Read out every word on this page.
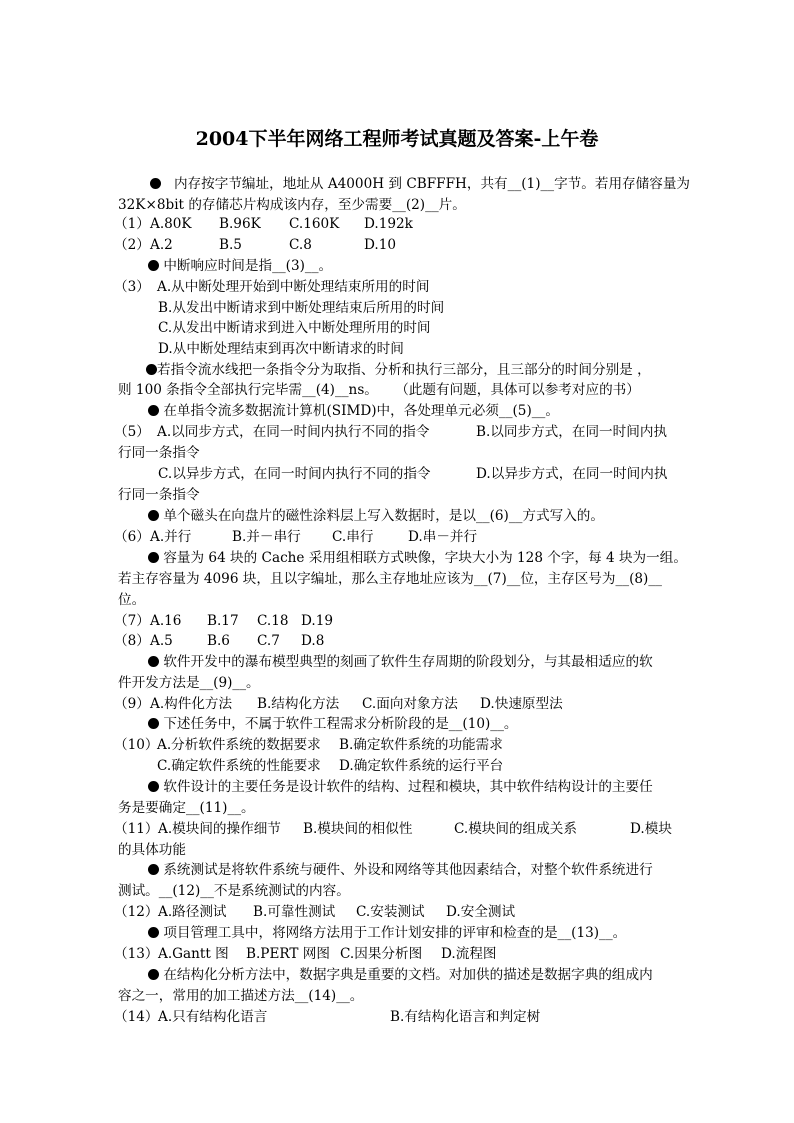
2004下半年网络工程师考试真题及答案-上午卷
内存按字节编址，地址从 A4000H 到 CBFFFH，共有__(1)__字节。若用存储容量为
32K×8bit 的存储芯片构成该内存，至少需要__(2)__片。
（1） A.80K B.96K C.160K D.192k
（2） A.2	B.5	C.8	D.10
中断响应时间是指__(3)__。
（3） A.从中断处理开始到中断处理结束所用的时间
B.从发出中断请求到中断处理结束后所用的时间
C.从发出中断请求到进入中断处理所用的时间
D.从中断处理结束到再次中断请求的时间
若指令流水线把一条指令分为取指、分析和执行三部分，且三部分的时间分别是 ，
则 100 条指令全部执行完毕需__(4)__ns。 （此题有问题，具体可以参考对应的书）
在单指令流多数据流计算机(SIMD)中，各处理单元必须__(5)__。
（5） A.以同步方式，在同一时间内执行不同的指令	B.以同步方式，在同一时间内执
行同一条指令
C.以异步方式，在同一时间内执行不同的指令	D.以异步方式，在同一时间内执
行同一条指令
单个磁头在向盘片的磁性涂料层上写入数据时，是以__(6)__方式写入的。
（6） A.并行	B.并－串行 C.串行	D.串－并行
容量为 64 块的 Cache 采用组相联方式映像，字块大小为 128 个字，每 4 块为一组。
若主存容量为 4096 块，且以字编址，那么主存地址应该为__(7)__位，主存区号为__(8)__
位。
（7） A.16 B.17 C.18 D.19
（8） A.5	B.6 C.7 D.8
软件开发中的瀑布模型典型的刻画了软件生存周期的阶段划分，与其最相适应的软
件开发方法是__(9)__。
（9） A.构件化方法 B.结构化方法 C.面向对象方法 D.快速原型法
下述任务中，不属于软件工程需求分析阶段的是__(10)__。
（10）
A.分析软件系统的数据要求 B.确定软件系统的功能需求
C.确定软件系统的性能要求 D.确定软件系统的运行平台
软件设计的主要任务是设计软件的结构、过程和模块，其中软件结构设计的主要任
务是要确定__(11)__。
（11） A.模块间的操作细节 B.模块间的相似性	C.模块间的组成关系	D.模块
的具体功能
系统测试是将软件系统与硬件、外设和网络等其他因素结合，对整个软件系统进行
测试。__(12)__不是系统测试的内容。
（12） A.路径测试 B.可靠性测试 C.安装测试 D.安全测试
项目管理工具中，将网络方法用于工作计划安排的评审和检查的是__(13)__。
（13） A.Gantt 图 B.PERT 网图 C.因果分析图 D.流程图
在结构化分析方法中，数据字典是重要的文档。对加供的描述是数据字典的组成内
容之一，常用的加工描述方法__(14)__。
（14） A.只有结构化语言	B.有结构化语言和判定树
